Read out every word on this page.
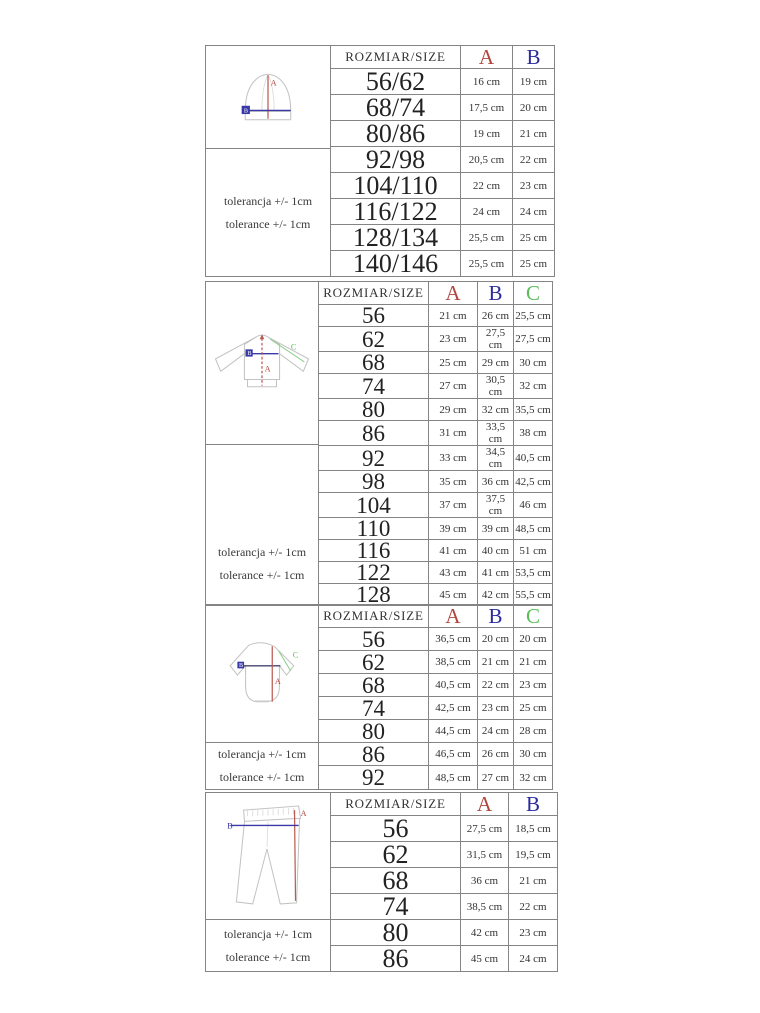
B
A
tolerancja +/- 1cm
tolerance +/- 1cm
ROZMIAR/SIZE	A	B
56/62	16 cm	19 cm
68/74	17,5 cm	20 cm
80/86	19 cm	21 cm
92/98	20,5 cm	22 cm
104/110	22 cm	23 cm
116/122	24 cm	24 cm
128/134	25,5 cm	25 cm
140/146	25,5 cm	25 cm
B
A
C
tolerancja +/- 1cm
tolerance +/- 1cm
ROZMIAR/SIZE	A	B	C
56	21 cm	26 cm	25,5 cm
62	23 cm	27,5 cm	27,5 cm
68	25 cm	29 cm	30 cm
74	27 cm	30,5 cm	32 cm
80	29 cm	32 cm	35,5 cm
86	31 cm	33,5 cm	38 cm
92	33 cm	34,5 cm	40,5 cm
98	35 cm	36 cm	42,5 cm
104	37 cm	37,5 cm	46 cm
110	39 cm	39 cm	48,5 cm
116	41 cm	40 cm	51 cm
122	43 cm	41 cm	53,5 cm
128	45 cm	42 cm	55,5 cm
B
A
C
tolerancja +/- 1cm
tolerance +/- 1cm
ROZMIAR/SIZE	A	B	C
56	36,5 cm	20 cm	20 cm
62	38,5 cm	21 cm	21 cm
68	40,5 cm	22 cm	23 cm
74	42,5 cm	23 cm	25 cm
80	44,5 cm	24 cm	28 cm
86	46,5 cm	26 cm	30 cm
92	48,5 cm	27 cm	32 cm
A
B
tolerancja +/- 1cm
tolerance +/- 1cm
ROZMIAR/SIZE	A	B
56	27,5 cm	18,5 cm
62	31,5 cm	19,5 cm
68	36 cm	21 cm
74	38,5 cm	22 cm
80	42 cm	23 cm
86	45 cm	24 cm
